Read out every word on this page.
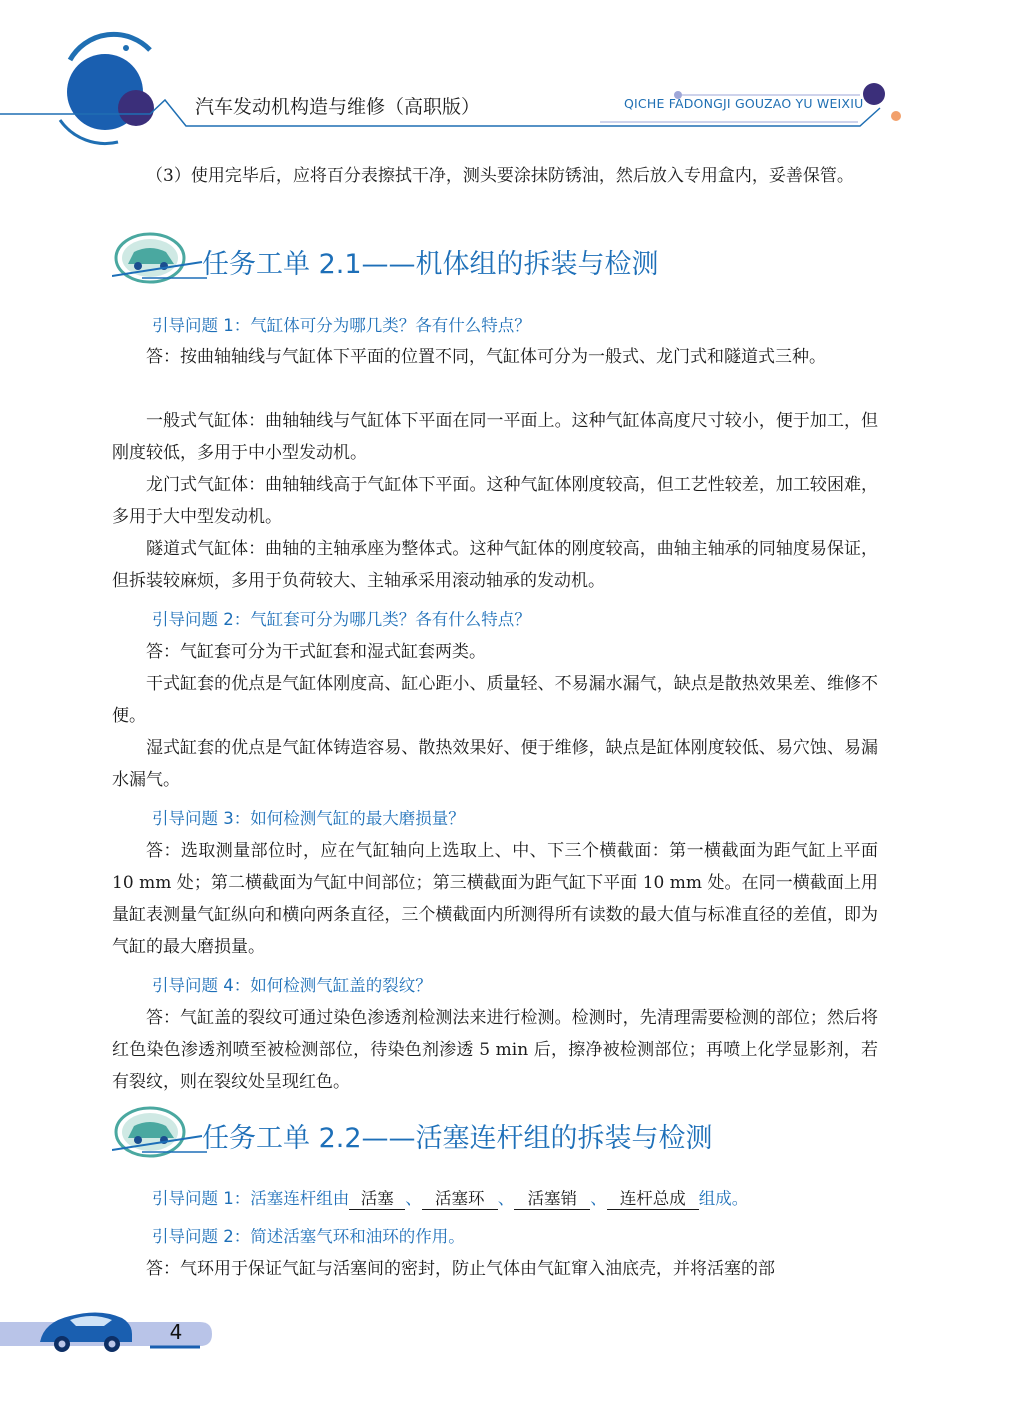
汽车发动机构造与维修（高职版）	QICHE FADONGJI GOUZAO YU WEIXIU
⠀
（3）使用完毕后，应将百分表擦拭干净，测头要涂抹防锈油，然后放入专用盒内，妥善保管。
任务工单 2.1——机体组的拆装与检测
引导问题 1：气缸体可分为哪几类？各有什么特点？
答：按曲轴轴线与气缸体下平面的位置不同，气缸体可分为一般式、龙门式和隧道式三种。
一般式气缸体：曲轴轴线与气缸体下平面在同一平面上。这种气缸体高度尺寸较小，便于加工，但刚度较低，多用于中小型发动机。
龙门式气缸体：曲轴轴线高于气缸体下平面。这种气缸体刚度较高，但工艺性较差，加工较困难，多用于大中型发动机。
隧道式气缸体：曲轴的主轴承座为整体式。这种气缸体的刚度较高，曲轴主轴承的同轴度易保证，但拆装较麻烦，多用于负荷较大、主轴承采用滚动轴承的发动机。
引导问题 2：气缸套可分为哪几类？各有什么特点？
答：气缸套可分为干式缸套和湿式缸套两类。
干式缸套的优点是气缸体刚度高、缸心距小、质量轻、不易漏水漏气，缺点是散热效果差、维修不便。
湿式缸套的优点是气缸体铸造容易、散热效果好、便于维修，缺点是缸体刚度较低、易穴蚀、易漏水漏气。
引导问题 3：如何检测气缸的最大磨损量？
答：选取测量部位时，应在气缸轴向上选取上、中、下三个横截面：第一横截面为距气缸上平面 10 mm 处；第二横截面为气缸中间部位；第三横截面为距气缸下平面 10 mm 处。在同一横截面上用量缸表测量气缸纵向和横向两条直径，三个横截面内所测得所有读数的最大值与标准直径的差值，即为气缸的最大磨损量。
引导问题 4：如何检测气缸盖的裂纹？
答：气缸盖的裂纹可通过染色渗透剂检测法来进行检测。检测时，先清理需要检测的部位；然后将红色染色渗透剂喷至被检测部位，待染色剂渗透 5 min 后，擦净被检测部位；再喷上化学显影剂，若有裂纹，则在裂纹处呈现红色。
任务工单 2.2——活塞连杆组的拆装与检测
引导问题 1：活塞连杆组由 活塞 、 活塞环 、 活塞销 、 连杆总成 组成。
引导问题 2：简述活塞气环和油环的作用。
答：气环用于保证气缸与活塞间的密封，防止气体由气缸窜入油底壳，并将活塞的部
4
